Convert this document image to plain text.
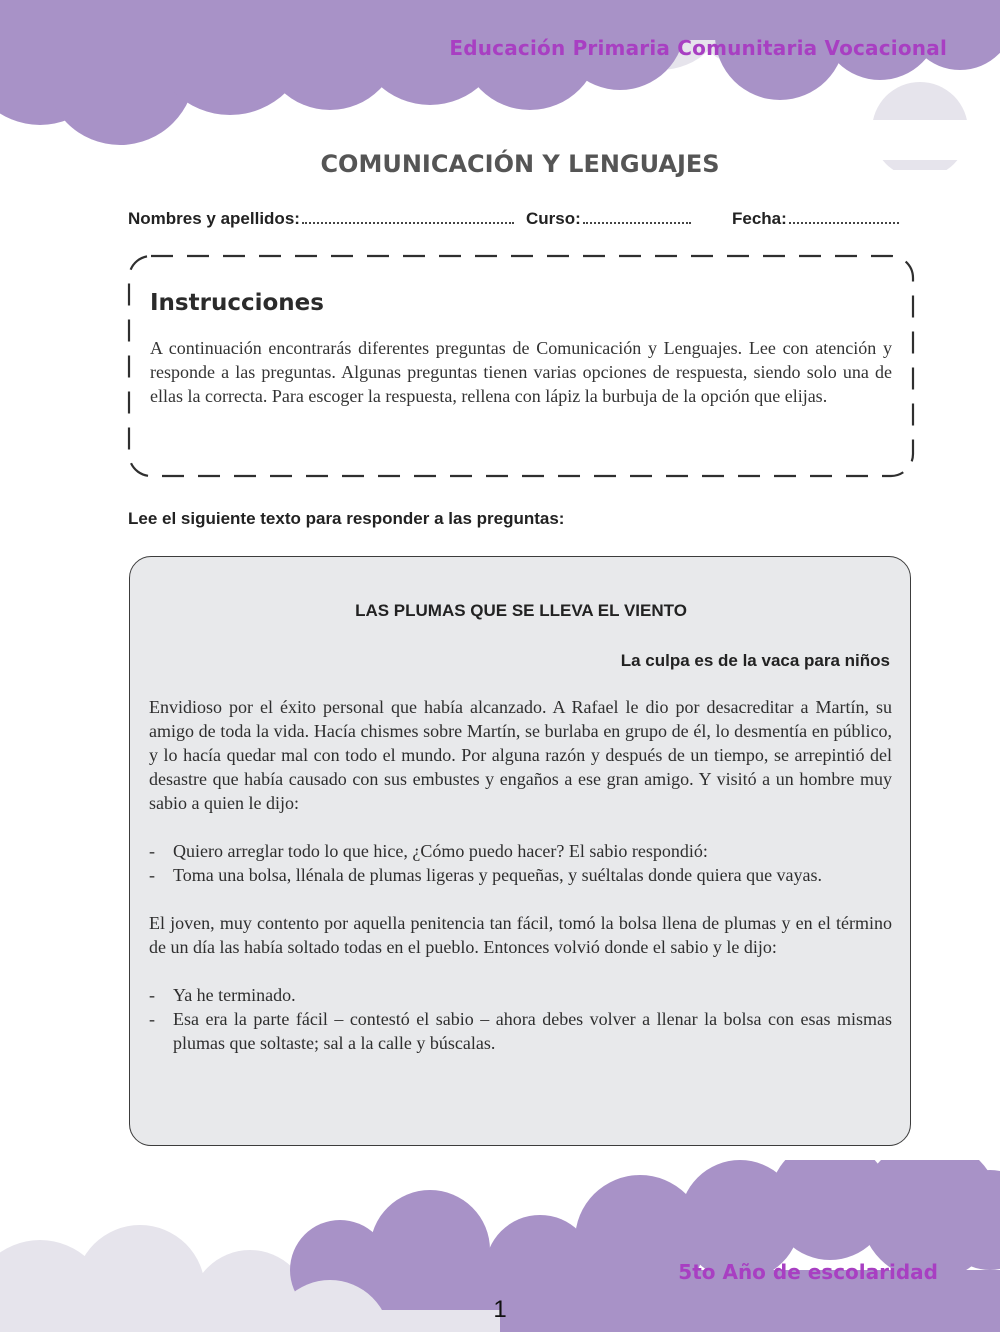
Educación Primaria Comunitaria Vocacional
COMUNICACIÓN Y LENGUAJES
Nombres y apellidos:	Curso:	Fecha:
Instrucciones
A continuación encontrarás diferentes preguntas de Comunicación y Lenguajes. Lee con atención y responde a las preguntas. Algunas preguntas tienen varias opciones de respuesta, siendo solo una de ellas la correcta. Para escoger la respuesta, rellena con lápiz la burbuja de la opción que elijas.
Lee el siguiente texto para responder a las preguntas:
LAS PLUMAS QUE SE LLEVA EL VIENTO
La culpa es de la vaca para niños

Envidioso por el éxito personal que había alcanzado. A Rafael le dio por desacreditar a Martín, su amigo de toda la vida. Hacía chismes sobre Martín, se burlaba en grupo de él, lo desmentía en público, y lo hacía quedar mal con todo el mundo. Por alguna razón y después de un tiempo, se arrepintió del desastre que había causado con sus embustes y engaños a ese gran amigo. Y visitó a un hombre muy sabio a quien le dijo:

- Quiero arreglar todo lo que hice, ¿Cómo puedo hacer? El sabio respondió:
- Toma una bolsa, llénala de plumas ligeras y pequeñas, y suéltalas donde quiera que vayas.

El joven, muy contento por aquella penitencia tan fácil, tomó la bolsa llena de plumas y en el término de un día las había soltado todas en el pueblo. Entonces volvió donde el sabio y le dijo:

- Ya he terminado.
- Esa era la parte fácil – contestó el sabio – ahora debes volver a llenar la bolsa con esas mismas plumas que soltaste; sal a la calle y búscalas.
5to Año de escolaridad
1
